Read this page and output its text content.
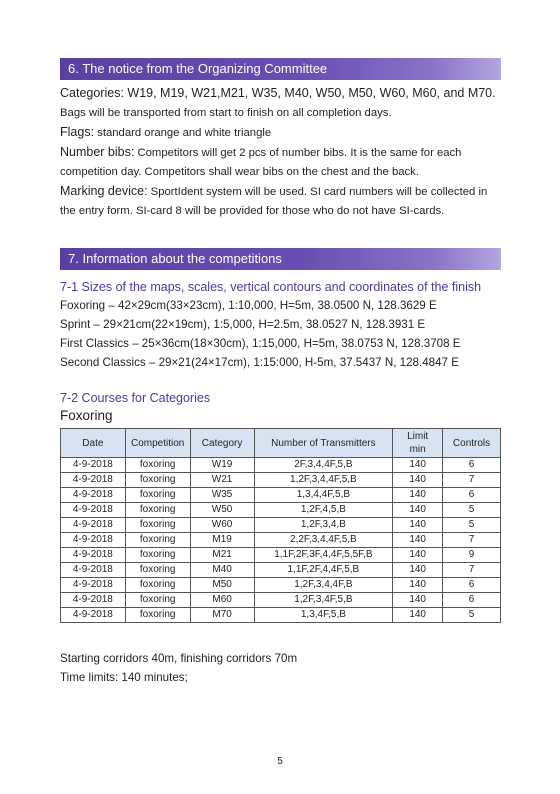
6. The notice from the Organizing Committee
Categories: W19, M19, W21,M21, W35, M40, W50, M50, W60, M60, and M70.
Bags will be transported from start to finish on all completion days.
Flags: standard orange and white triangle
Number bibs: Competitors will get 2 pcs of number bibs. It is the same for each competition day. Competitors shall wear bibs on the chest and the back.
Marking device: SportIdent system will be used. SI card numbers will be collected in the entry form. SI-card 8 will be provided for those who do not have SI-cards.
7. Information about the competitions
7-1 Sizes of the maps, scales, vertical contours and coordinates of the finish
Foxoring – 42×29cm(33×23cm), 1:10,000, H=5m, 38.0500 N, 128.3629 E
Sprint – 29×21cm(22×19cm), 1:5,000, H=2.5m, 38.0527 N, 128.3931 E
First Classics – 25×36cm(18×30cm), 1:15,000, H=5m, 38.0753 N, 128.3708 E
Second Classics – 29×21(24×17cm), 1:15:000, H-5m, 37.5437 N, 128.4847 E
7-2 Courses for Categories
Foxoring
Date	Competition	Category	Number of Transmitters	Limit
min	Controls
4-9-2018	foxoring	W19	2F,3,4,4F,5,B	140	6
4-9-2018	foxoring	W21	1,2F,3,4,4F,5,B	140	7
4-9-2018	foxoring	W35	1,3,4,4F,5,B	140	6
4-9-2018	foxoring	W50	1,2F,4,5,B	140	5
4-9-2018	foxoring	W60	1,2F,3,4,B	140	5
4-9-2018	foxoring	M19	2,2F,3,4,4F,5,B	140	7
4-9-2018	foxoring	M21	1,1F,2F,3F,4,4F,5,5F,B	140	9
4-9-2018	foxoring	M40	1,1F,2F,4,4F,5,B	140	7
4-9-2018	foxoring	M50	1,2F,3,4,4F,B	140	6
4-9-2018	foxoring	M60	1,2F,3,4F,5,B	140	6
4-9-2018	foxoring	M70	1,3,4F,5,B	140	5
Starting corridors 40m, finishing corridors 70m
Time limits: 140 minutes;
5
